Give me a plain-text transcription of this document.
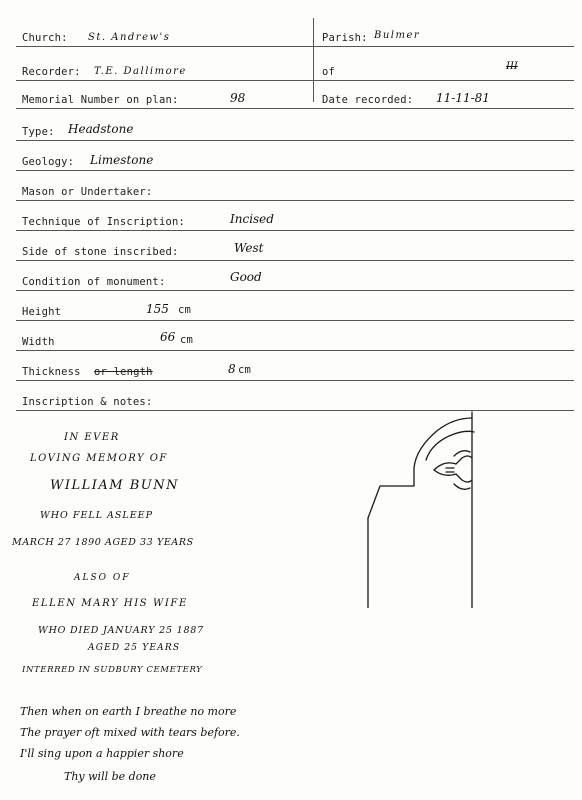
Church: St. Andrew's	Parish: Bulmer
Recorder: T.E. Dallimore	of	III
Memorial Number on plan:	98	Date recorded: 11-11-81
Type: Headstone
Geology: Limestone
Mason or Undertaker:
Technique of Inscription:	Incised
Side of stone inscribed:	West
Condition of monument:	Good
Height	155 cm
Width	66 cm
Thickness or length	8 cm
Inscription & notes:
IN EVER
LOVING MEMORY OF
WILLIAM BUNN
WHO FELL ASLEEP
MARCH 27 1890 AGED 33 YEARS
ALSO OF
ELLEN MARY HIS WIFE
WHO DIED JANUARY 25 1887
AGED 25 YEARS
INTERRED IN SUDBURY CEMETERY
Then when on earth I breathe no more
The prayer oft mixed with tears before.
I'll sing upon a happier shore
Thy will be done
